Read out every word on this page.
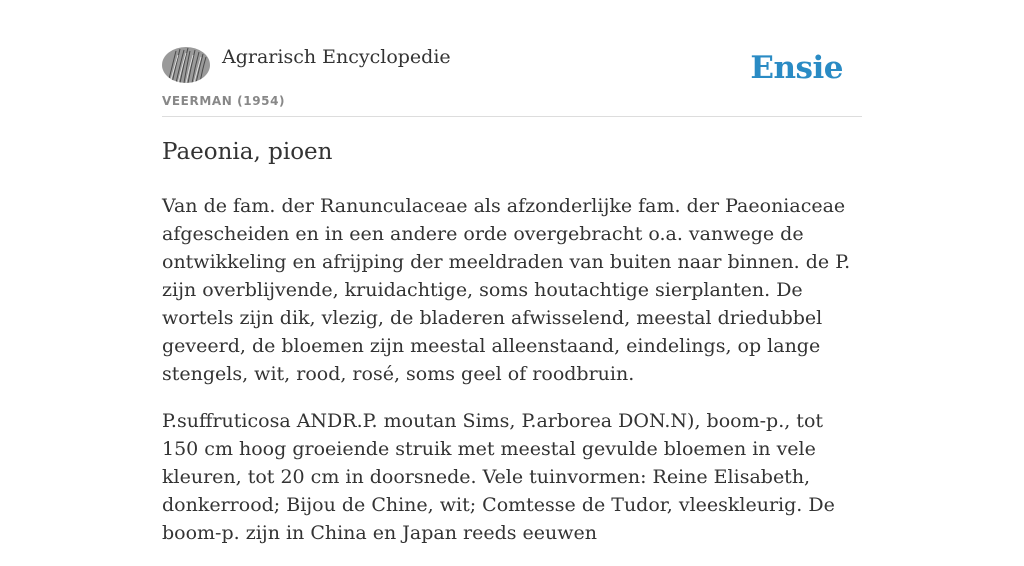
Agrarisch Encyclopedie
VEERMAN (1954)
Ensie
Paeonia, pioen

Van de fam. der Ranunculaceae als afzonderlijke fam. der Paeoniaceae afgescheiden en in een andere orde overgebracht o.a. vanwege de ontwikkeling en afrijping der meeldraden van buiten naar binnen. de P. zijn overblijvende, kruidachtige, soms houtachtige sierplanten. De wortels zijn dik, vlezig, de bladeren afwisselend, meestal driedubbel geveerd, de bloemen zijn meestal alleenstaand, eindelings, op lange stengels, wit, rood, rosé, soms geel of roodbruin.

P.suffruticosa ANDR.P. moutan Sims, P.arborea DON.N), boom-p., tot 150 cm hoog groeiende struik met meestal gevulde bloemen in vele kleuren, tot 20 cm in doorsnede. Vele tuinvormen: Reine Elisabeth, donkerrood; Bijou de Chine, wit; Comtesse de Tudor, vleeskleurig. De boom-p. zijn in China en Japan reeds eeuwen
